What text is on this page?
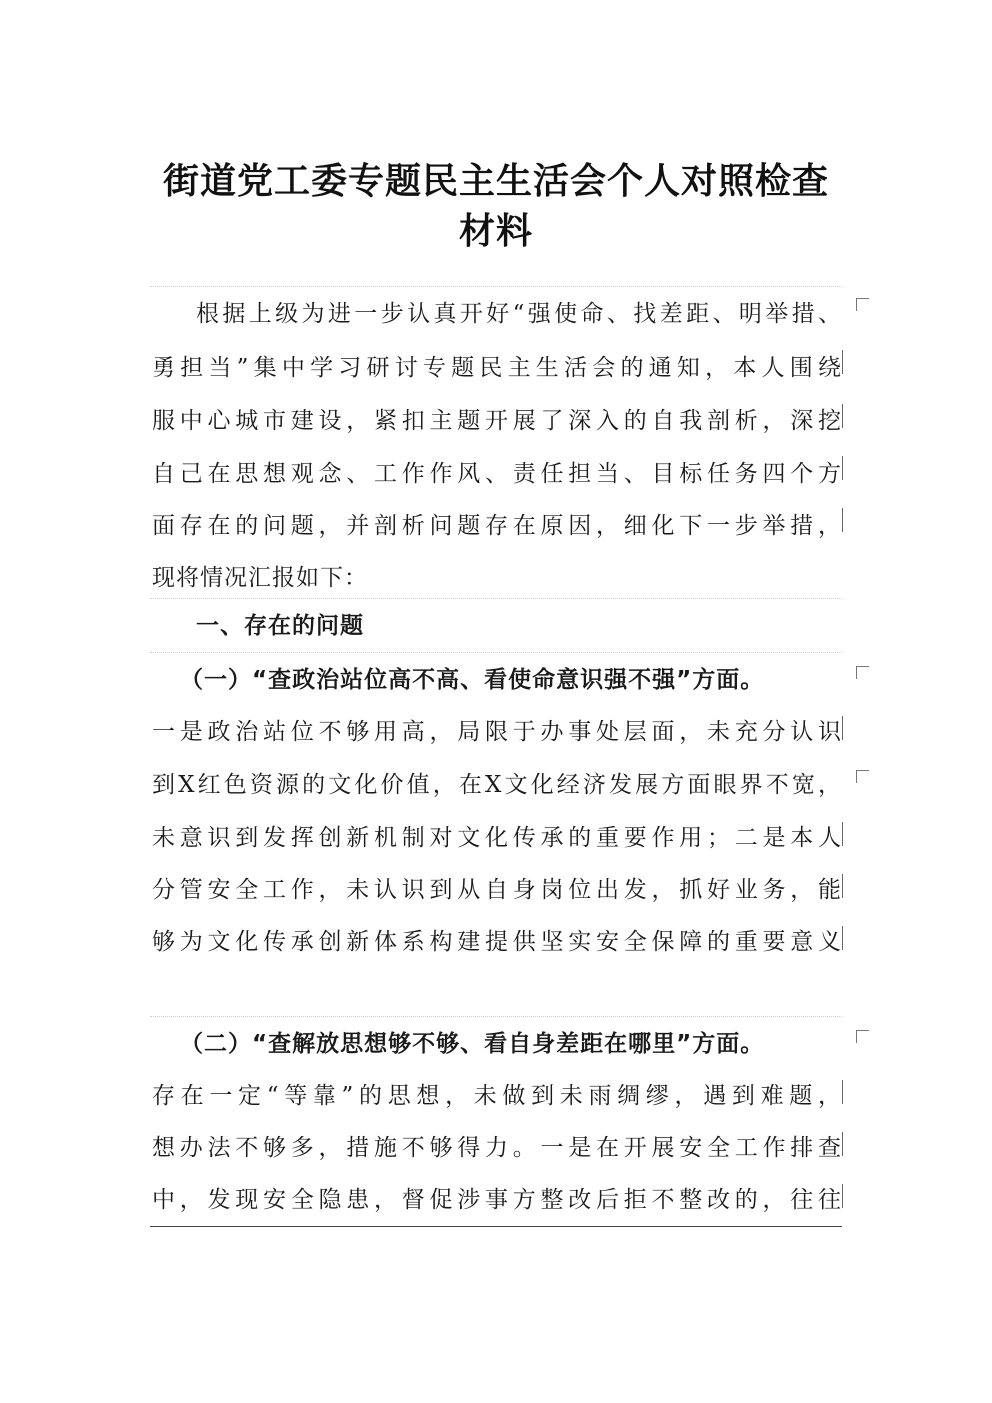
街道党工委专题民主生活会个人对照检查
材料
根据上级为进一步认真开好“强使命、找差距、明举措、
勇担当”集中学习研讨专题民主生活会的通知，本人围绕
服中心城市建设，紧扣主题开展了深入的自我剖析，深挖
自己在思想观念、工作作风、责任担当、目标任务四个方
面存在的问题，并剖析问题存在原因，细化下一步举措，
现将情况汇报如下：
一、存在的问题
（一）“查政治站位高不高、看使命意识强不强”方面。
一是政治站位不够用高，局限于办事处层面，未充分认识
到X红色资源的文化价值，在X文化经济发展方面眼界不宽，
未意识到发挥创新机制对文化传承的重要作用；二是本人
分管安全工作，未认识到从自身岗位出发，抓好业务，能
够为文化传承创新体系构建提供坚实安全保障的重要意义
（二）“查解放思想够不够、看自身差距在哪里”方面。
存在一定“等靠”的思想，未做到未雨绸缪，遇到难题，
想办法不够多，措施不够得力。一是在开展安全工作排查
中，发现安全隐患，督促涉事方整改后拒不整改的，往往
